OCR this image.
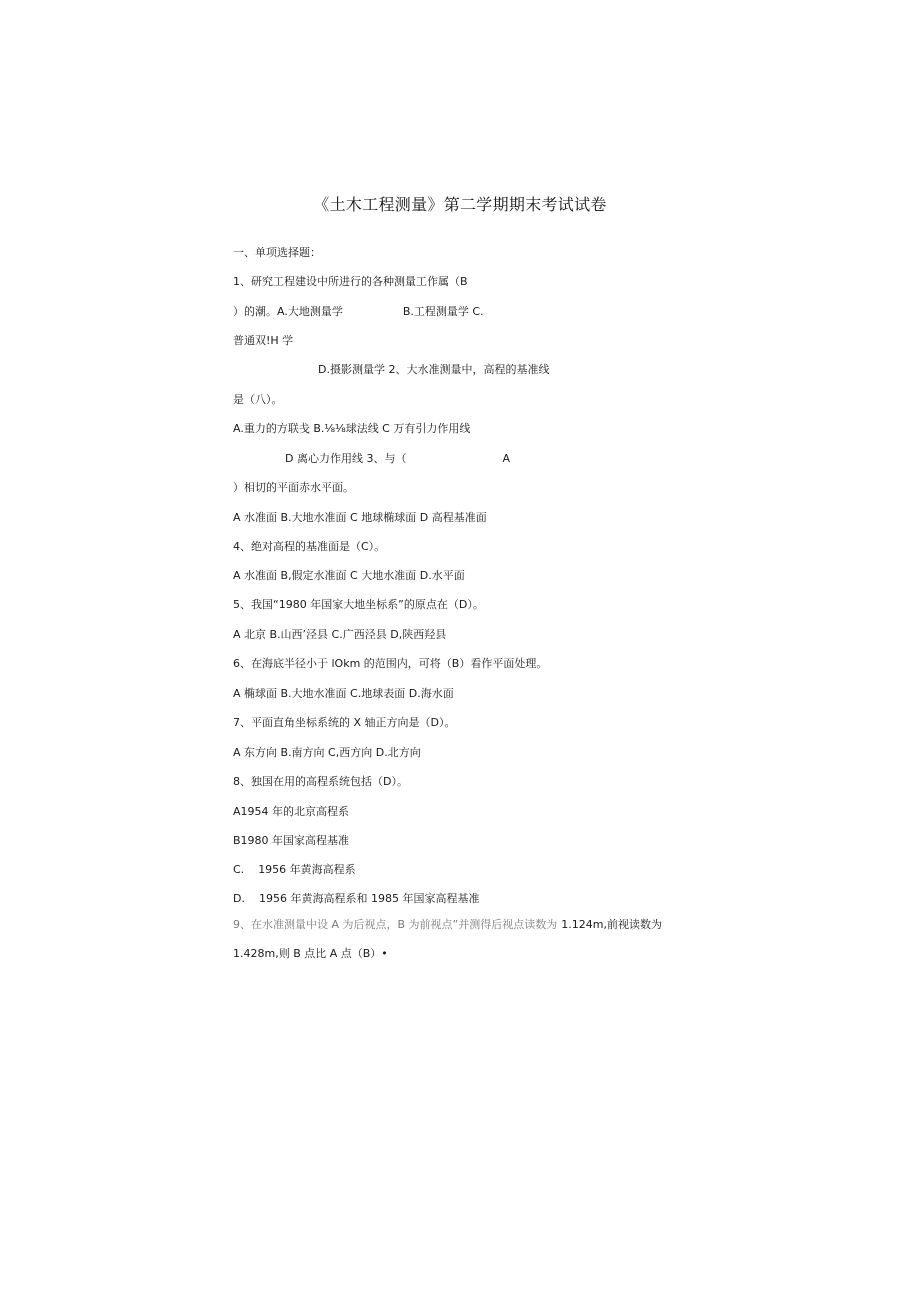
《土木工程测量》第二学期期末考试试卷
一、单项选择题：
1、研究工程建设中所进行的各种测量工作属（B
）的潮。A.大地测量学	B.工程测量学 C.
普通双!H 学
D.摄影测量学 2、大水准测量中，高程的基准线
是（八）。
A.重力的方联戋 B.⅛⅛球法线 C 万有引力作用线
D 离心力作用线 3、与（	A
）相切的平面赤水平面。
A 水准面 B.大地水准面 C 地球椭球面 D 高程基准面
4、绝对高程的基准面是（C）。
A 水准面 B,假定水准面 C 大地水准面 D.水平面
5、我国“1980 年国家大地坐标系”的原点在（D）。
A 北京 B.山西’泾县 C.广西泾县 D,陕西羟县
6、在海底半径小于 lOkm 的范围内，可将（B）看作平面处理。
A 椭球面 B.大地水准面 C.地球表面 D.海水面
7、平面直角坐标系统的 X 轴正方向是（D）。
A 东方向 B.南方向 C,西方向 D.北方向
8、独国在用的高程系统包括（D）。
A1954 年的北京高程系
B1980 年国家高程基准
C. 1956 年黄海高程系
D. 1956 年黄海高程系和 1985 年国家高程基准
9、在水准测量中设 A 为后视点，B 为前视点”并测得后视点读数为 1.124m,前视读数为
1.428m,则 B 点比 A 点（B）•
